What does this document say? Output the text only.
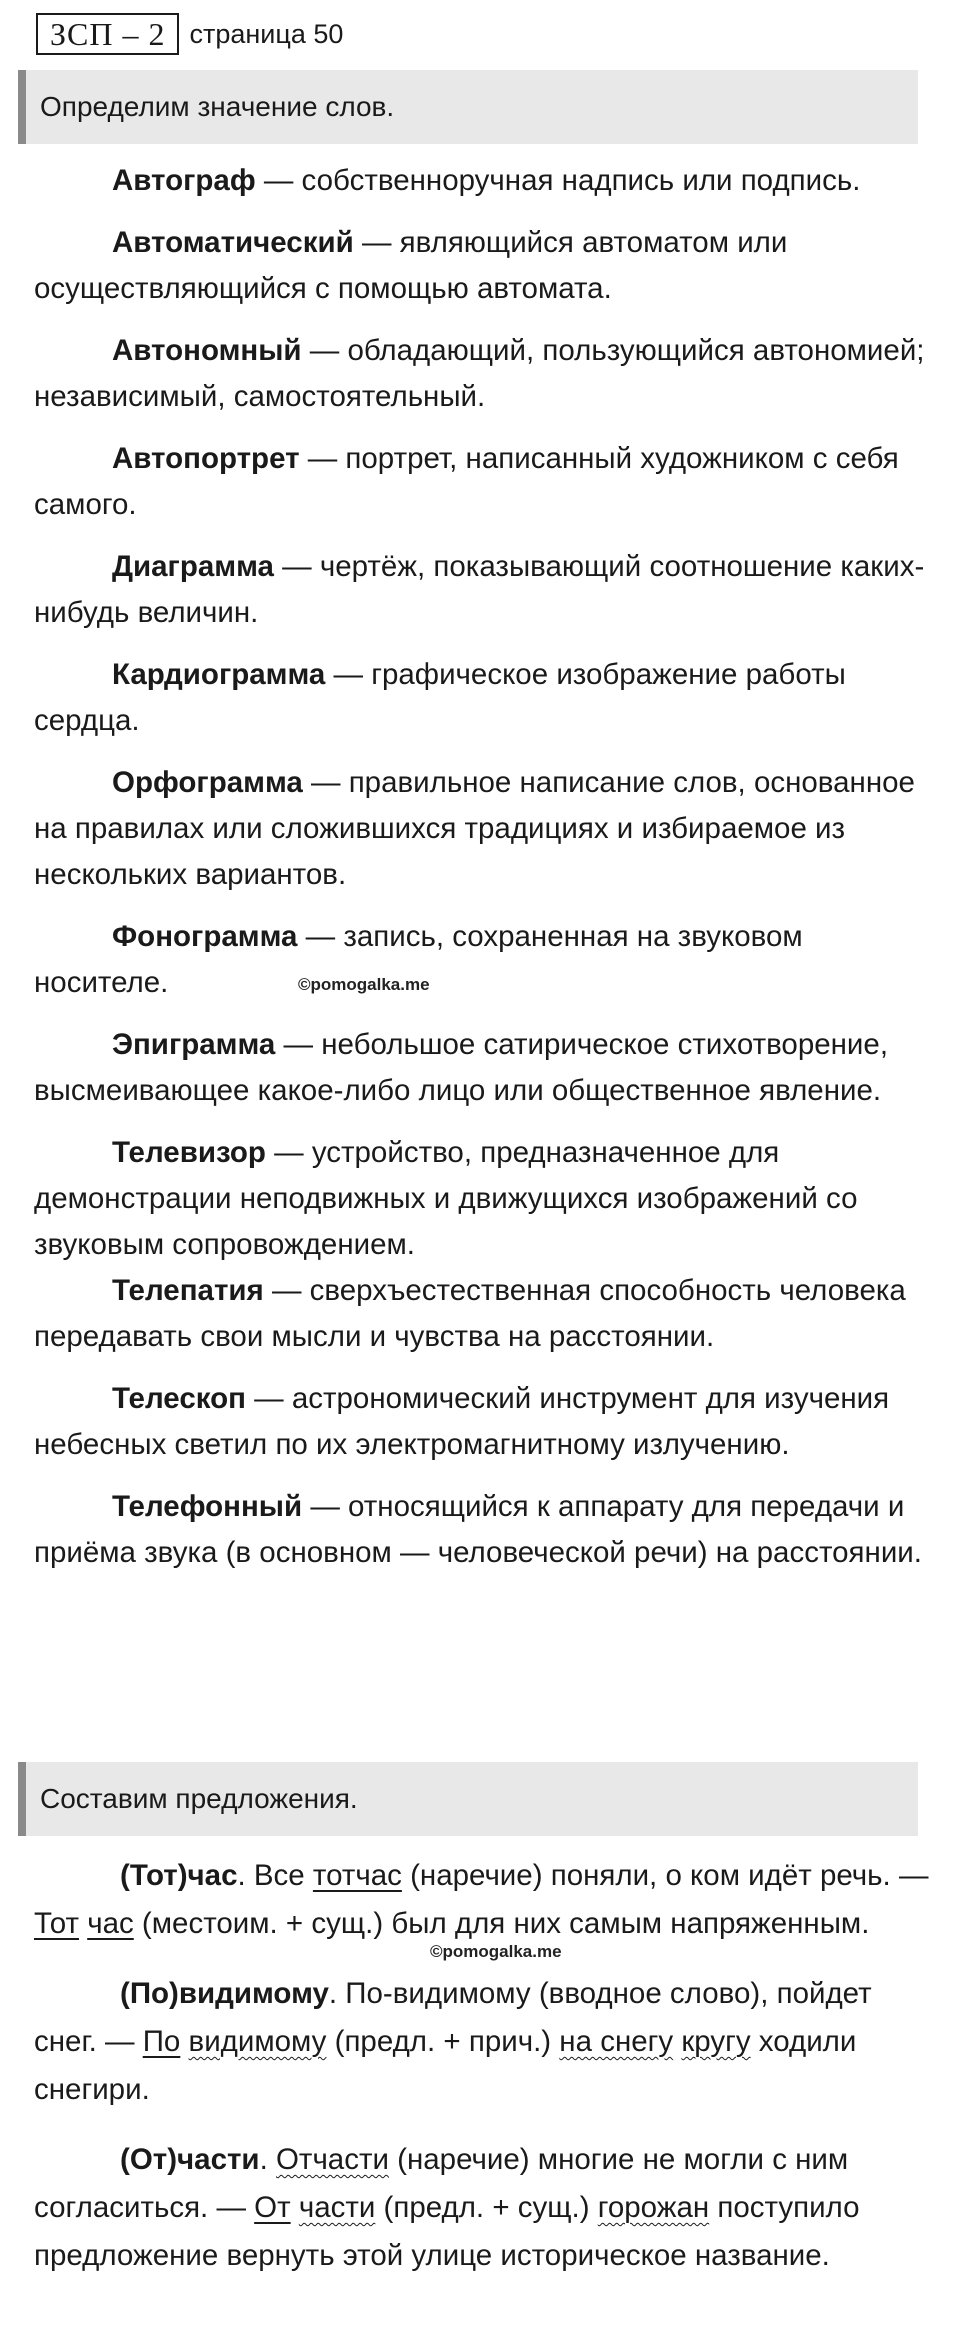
ЗСП – 2 страница 50
Определим значение слов.

Автограф — собственноручная надпись или подпись.

Автоматический — являющийся автоматом или осуществляющийся с помощью автомата.

Автономный — обладающий, пользующийся автономией; независимый, самостоятельный.

Автопортрет — портрет, написанный художником с себя самого.

Диаграмма — чертёж, показывающий соотношение каких-нибудь величин.

Кардиограмма — графическое изображение работы сердца.

Орфограмма — правильное написание слов, основанное на правилах или сложившихся традициях и избираемое из нескольких вариантов.

Фонограмма — запись, сохраненная на звуковом носителе.

Эпиграмма — небольшое сатирическое стихотворение, высмеивающее какое-либо лицо или общественное явление.

Телевизор — устройство, предназначенное для демонстрации неподвижных и движущихся изображений со звуковым сопровождением.

Телепатия — сверхъестественная способность человека передавать свои мысли и чувства на расстоянии.

Телескоп — астрономический инструмент для изучения небесных светил по их электромагнитному излучению.

Телефонный — относящийся к аппарату для передачи и приёма звука (в основном — человеческой речи) на расстоянии.

©pomogalka.me
Составим предложения.

(Тот)час. Все тотчас (наречие) поняли, о ком идёт речь. — Тот час (местоим. + сущ.) был для них самым напряженным.

(По)видимому. По-видимому (вводное слово), пойдет снег. — По видимому (предл. + прич.) на снегу кругу ходили снегири.

(От)части. Отчасти (наречие) многие не могли с ним согласиться. — От части (предл. + сущ.) горожан поступило предложение вернуть этой улице историческое название.

©pomogalka.me
